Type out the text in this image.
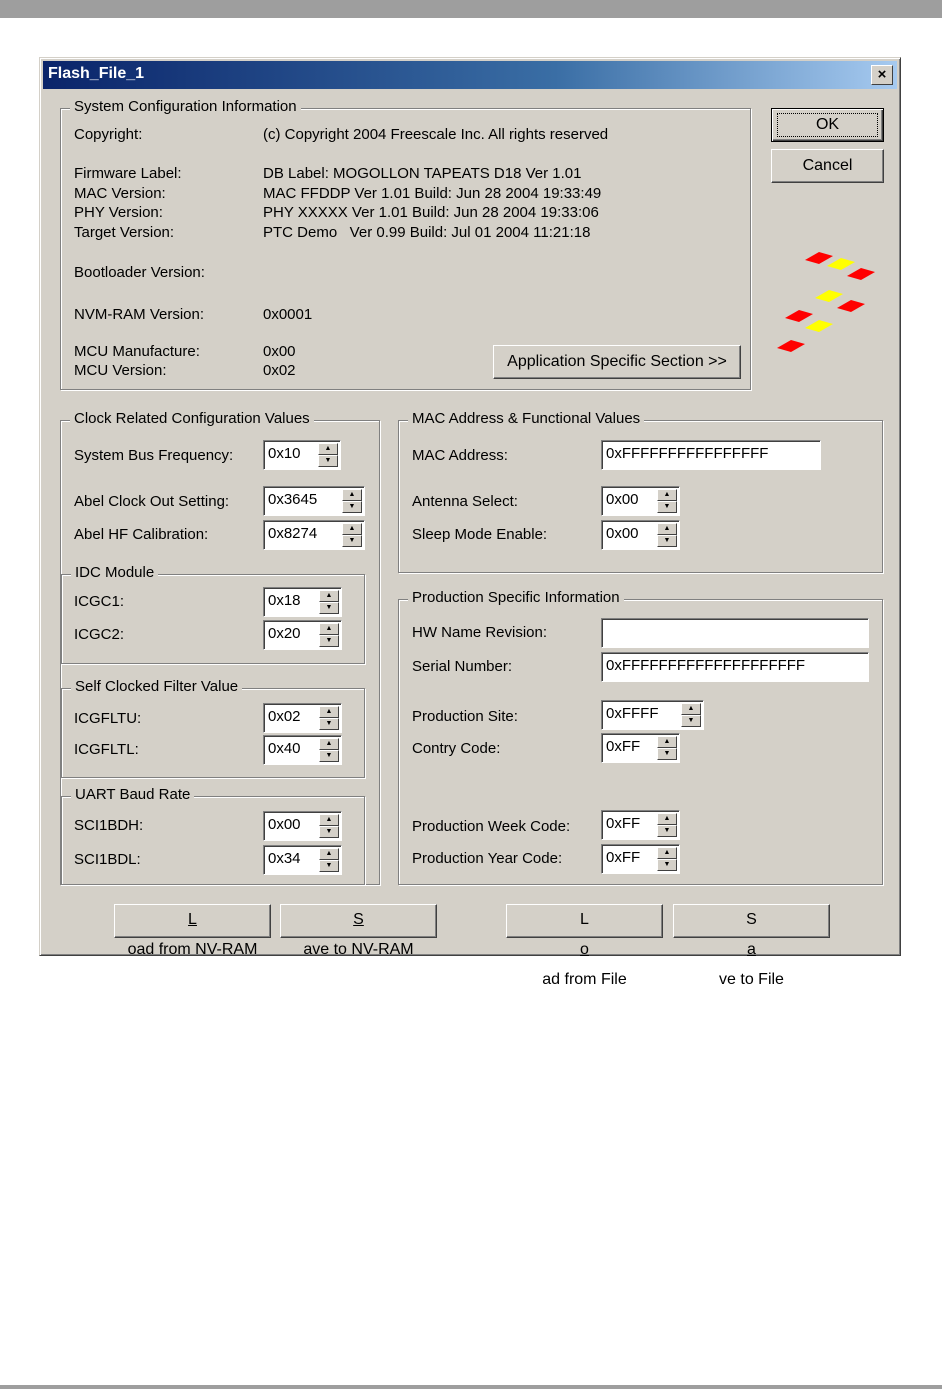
Flash_File_1	×
System Configuration Information
Copyright:	(c) Copyright 2004 Freescale Inc. All rights reserved
Firmware Label:	DB Label: MOGOLLON TAPEATS D18 Ver 1.01
MAC Version:	MAC FFDDP Ver 1.01 Build: Jun 28 2004 19:33:49
PHY Version:	PHY XXXXX Ver 1.01 Build: Jun 28 2004 19:33:06
Target Version:	PTC Demo   Ver 0.99 Build: Jul 01 2004 11:21:18
Bootloader Version:
NVM-RAM Version:	0x0001
MCU Manufacture:	0x00
MCU Version:	0x02
Application Specific Section >>
OK
Cancel
Clock Related Configuration Values
System Bus Frequency:	0x10	▲
▼
Abel Clock Out Setting:	0x3645	▲
▼
Abel HF Calibration:	0x8274	▲
▼
IDC Module
ICGC1:	0x18	▲
▼
ICGC2:	0x20	▲
▼
Self Clocked Filter Value
ICGFLTU:	0x02	▲
▼
ICGFLTL:	0x40	▲
▼
UART Baud Rate
SCI1BDH:	0x00	▲
▼
SCI1BDL:	0x34	▲
▼
MAC Address & Functional Values
MAC Address:	0xFFFFFFFFFFFFFFFF
Antenna Select:	0x00	▲
▼
Sleep Mode Enable:	0x00	▲
▼
Production Specific Information
HW Name Revision:
Serial Number:	0xFFFFFFFFFFFFFFFFFFFF
Production Site:	0xFFFF	▲
▼
Contry Code:	0xFF	▲
▼
Production Week Code:	0xFF	▲
▼
Production Year Code:	0xFF	▲
▼
L
oad from NV-RAM
S
ave to NV-RAM
L
o
ad from File
S
a
ve to File
